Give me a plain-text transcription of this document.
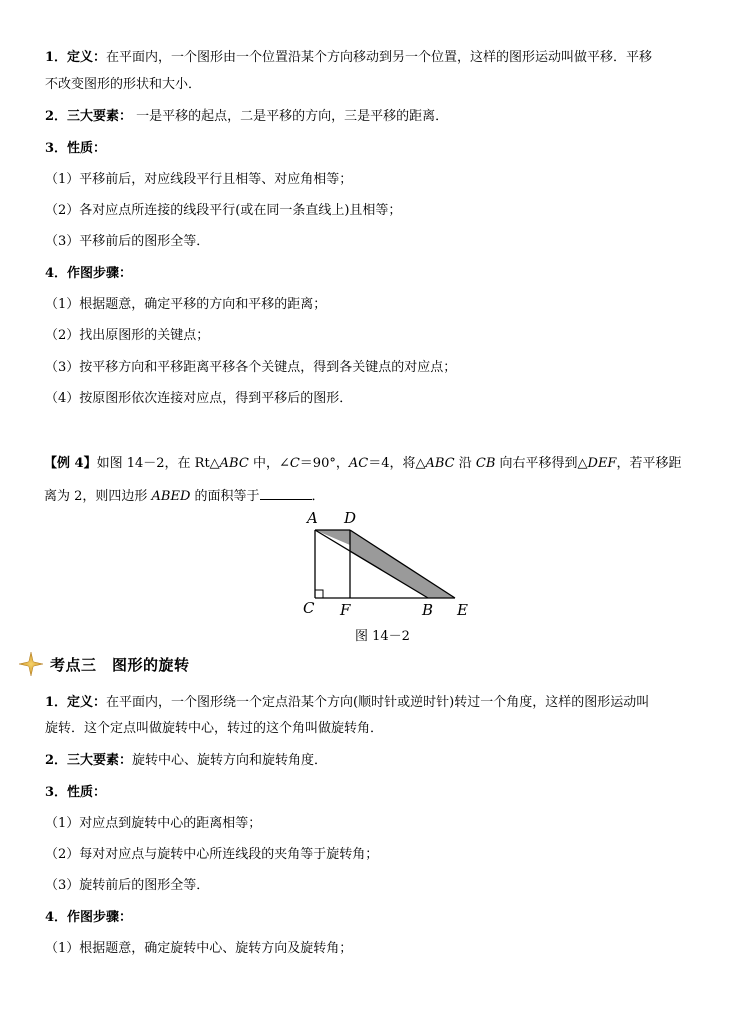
1．定义：在平面内，一个图形由一个位置沿某个方向移动到另一个位置，这样的图形运动叫做平移．平移
不改变图形的形状和大小．
2．三大要素： 一是平移的起点，二是平移的方向，三是平移的距离．
3．性质：
（1）平移前后，对应线段平行且相等、对应角相等；
（2）各对应点所连接的线段平行(或在同一条直线上)且相等；
（3）平移前后的图形全等．
4．作图步骤：
（1）根据题意，确定平移的方向和平移的距离；
（2）找出原图形的关键点；
（3）按平移方向和平移距离平移各个关键点，得到各关键点的对应点；
（4）按原图形依次连接对应点，得到平移后的图形．
【例 4】如图 14－2，在 Rt△ABC 中，∠C＝90°，AC＝4，将△ABC 沿 CB 向右平移得到△DEF，若平移距
离为 2，则四边形 ABED 的面积等于	．
A D
C F	B E
图 14－2
考点三　图形的旋转
1．定义：在平面内，一个图形绕一个定点沿某个方向(顺时针或逆时针)转过一个角度，这样的图形运动叫
旋转．这个定点叫做旋转中心，转过的这个角叫做旋转角．
2．三大要素：旋转中心、旋转方向和旋转角度．
3．性质：
（1）对应点到旋转中心的距离相等；
（2）每对对应点与旋转中心所连线段的夹角等于旋转角；
（3）旋转前后的图形全等．
4．作图步骤：
（1）根据题意，确定旋转中心、旋转方向及旋转角；
